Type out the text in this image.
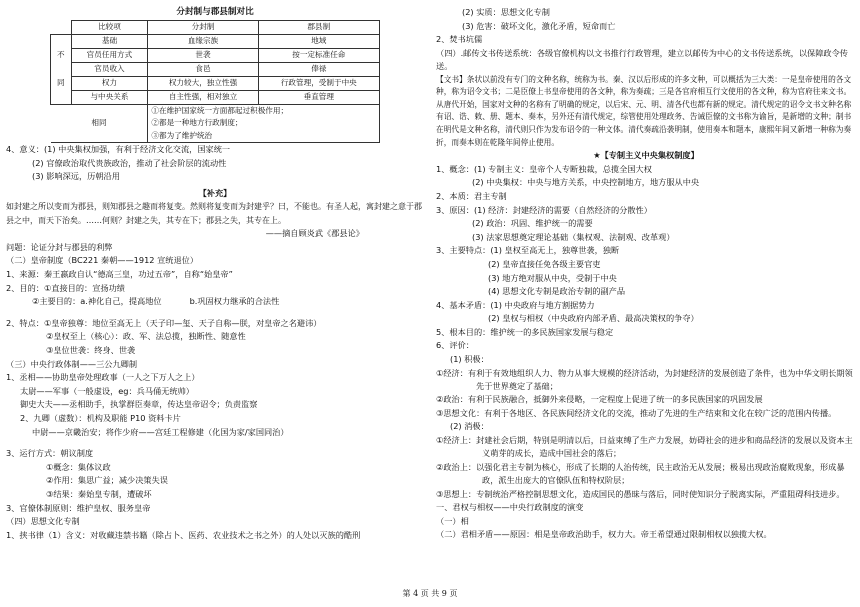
分封制与郡县制对比
	比较项	分封制	郡县制
不

同	基础	血缘宗族	地域
	官员任用方式	世袭	按一定标准任命
	官员收入	食邑	俸禄
	权力	权力较大，独立性强	行政管理，受制于中央
	与中央关系	自主性强，相对独立	垂直管理
相同		①在维护国家统一方面都起过积极作用；
②都是一种地方行政制度；
③都为了维护统治	
4、意义：(1) 中央集权加强，有利于经济文化交流，国家统一
(2) 官僚政治取代贵族政治，推动了社会阶层的流动性
(3) 影响深远，历朝沿用
【补充】
如封建之所以变而为郡县，则知郡县之趣而将复变。然则将复变而为封建乎？曰，不能也。有圣人起，寓封建之意于郡县之中，而天下治矣。……何则？封建之失，其专在下；郡县之失，其专在上。
——摘自顾炎武《郡县论》
问题：论证分封与郡县的利弊
（二）皇帝制度（BC221 秦朝——1912 宣统退位）
1、来源：秦王嬴政自认“德高三皇，功过五帝”，自称“始皇帝”
2、目的：①直接目的：宣扬功绩
②主要目的：a.神化自己，提高地位	b.巩固权力继承的合法性
2、特点：①皇帝独尊：地位至高无上（天子印—玺、天子自称—朕，对皇帝之名避讳）
②皇权至上（核心）：政、军、法总揽，独断性、随意性
③皇位世袭：终身、世袭
（三）中央行政体制——三公九卿制
1、丞相——协助皇帝处理政事（一人之下万人之上）
太尉——军事（一般虚设，eg：兵马俑无统帅）
御史大夫——丞相助手，执掌群臣奏章，传达皇帝诏令；负责监察
2、九卿（虚数）：机构及职能 P10 资料卡片
中尉——京畿治安；将作少府——宫廷工程修建（化国为家/家国同治）
3、运行方式：朝议制度
①概念：集体议政
②作用：集思广益；减少决策失误
③结果：秦始皇专制，遭破坏
3、官僚体制原则：维护皇权、服务皇帝
（四）思想文化专制
1、挟书律（1）含义：对收藏违禁书籍（除占卜、医药、农业技术之书之外）的人处以灭族的酷刑
(2) 实质：思想文化专制
(3) 危害：破坏文化，激化矛盾，短命而亡
2、焚书坑儒
（四）.邮传文书传送系统：各级官僚机构以文书推行行政管理，建立以邮传为中心的文书传送系统，以保障政令传送。
【文书】条状以前没有专门的文种名称，统称为书。秦、汉以后形成的许多文种，可以概括为三大类：一是皇帝使用的各文种，称为诏令文书；二是臣僚上书皇帝使用的各文种，称为奏疏；三是各官府相互行文使用的各文种，称为官府往来文书。从唐代开始，国家对文种的名称有了明确的规定，以后宋、元、明、清各代也都有新的规定。清代规定的诏令文书文种名称有诏、诰、敕、册、题本、奏本，另外还有清代规定，综管使用处理政务、告诫臣僚的文书称为谕旨，是新增的文种；制书在明代是文种名称，清代则只作为发布诏令的一种文体。清代奏疏沿袭明制，使用奏本和题本，康熙年间又新增一种称为奏折，而奏本则在乾隆年间停止使用。
★【专制主义中央集权制度】
1、概念：(1) 专制主义：皇帝个人专断独裁，总揽全国大权
(2) 中央集权：中央与地方关系，中央控制地方，地方服从中央
2、本质：君主专制
3、原因：(1) 经济：封建经济的需要（自然经济的分散性）
(2) 政治：巩固、维护统一的需要
(3) 法家思想奠定理论基础（集权观、法制观、改革观）
3、主要特点：(1) 皇权至高无上，独尊世袭，独断
(2) 皇帝直接任免各级主要官吏
(3) 地方绝对服从中央，受制于中央
(4) 思想文化专制是政治专制的副产品
4、基本矛盾：(1) 中央政府与地方割据势力
(2) 皇权与相权（中央政府内部矛盾、最高决策权的争夺）
5、根本目的：维护统一的多民族国家发展与稳定
6、评价：
(1) 积极：
①经济：有利于有效地组织人力、物力从事大规模的经济活动，为封建经济的发展创造了条件，也为中华文明长期领先于世界奠定了基础；
②政治：有利于民族融合，抵御外来侵略，一定程度上促进了统一的多民族国家的巩固发展
③思想文化：有利于各地区、各民族间经济文化的交流，推动了先进的生产结束和文化在较广泛的范围内传播。
(2) 消极：
①经济上：封建社会后期，特别是明清以后，日益束缚了生产力发展，妨碍社会的进步和商品经济的发展以及资本主义萌芽的成长，造成中国社会的落后；
②政治上：以强化君主专制为核心，形成了长期的人治传统，民主政治无从发展；极易出现政治腐败现象，形成暴政，派生出庞大的官僚队伍和特权阶层；
③思想上：专制统治严格控制思想文化，造成国民的愚昧与落后，同时使知识分子脱离实际，严重阻碍科技进步。
一、君权与相权——中央行政制度的演变
（一）相
（二）君相矛盾——原因：相是皇帝政治助手，权力大。帝王希望通过限制相权以独揽大权。
第 4 页 共 9 页
